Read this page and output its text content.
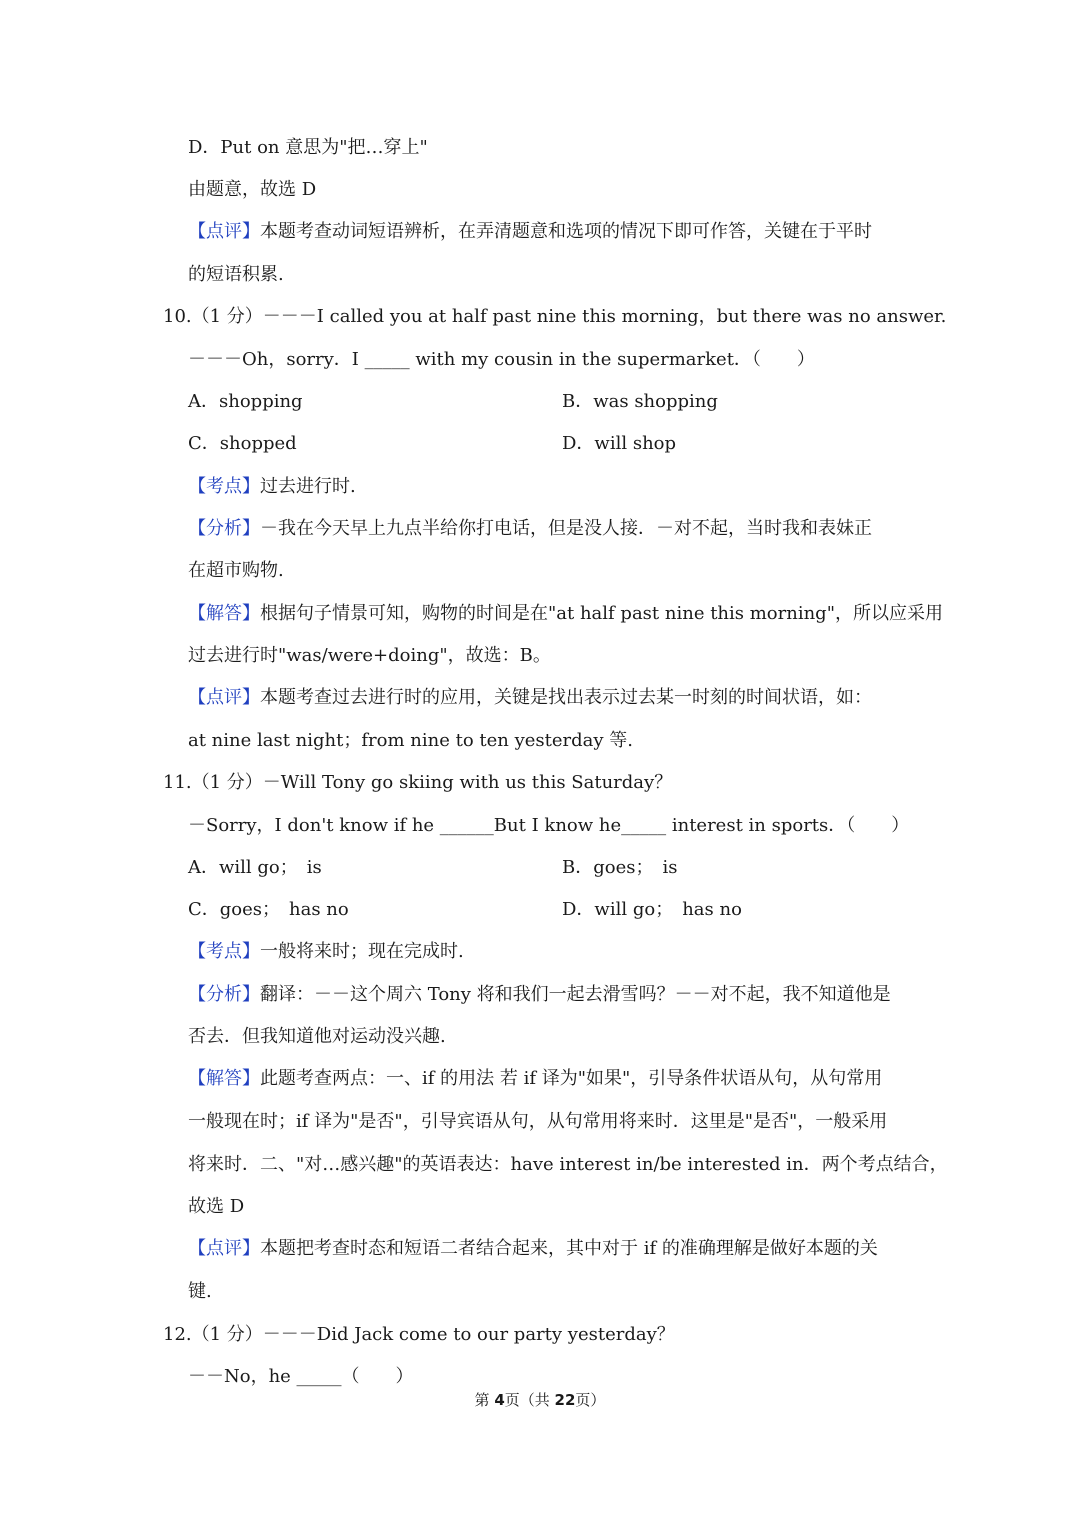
D．Put on 意思为"把…穿上"
由题意，故选 D
【点评】本题考查动词短语辨析，在弄清题意和选项的情况下即可作答，关键在于平时
的短语积累.
10.（1 分）－－－I called you at half past nine this morning，but there was no answer.
－－－Oh，sorry．I _____ with my cousin in the supermarket．（　　）
A．shopping	B．was shopping
C．shopped	D．will shop
【考点】过去进行时.
【分析】－我在今天早上九点半给你打电话，但是没人接．－对不起，当时我和表妹正
在超市购物.
【解答】根据句子情景可知，购物的时间是在"at half past nine this morning"，所以应采用
过去进行时"was/were+doing"，故选：B。
【点评】本题考查过去进行时的应用，关键是找出表示过去某一时刻的时间状语，如：
at nine last night；from nine to ten yesterday 等.
11.（1 分）－Will Tony go skiing with us this Saturday？
－Sorry，I don't know if he ______But I know he_____ interest in sports．（　　）
A．will go；　is	B．goes；　is
C．goes；　has no	D．will go；　has no
【考点】一般将来时；现在完成时.
【分析】翻译：－－这个周六 Tony 将和我们一起去滑雪吗？－－对不起，我不知道他是
否去．但我知道他对运动没兴趣.
【解答】此题考查两点：一、if 的用法 若 if 译为"如果"，引导条件状语从句，从句常用
一般现在时；if 译为"是否"，引导宾语从句，从句常用将来时．这里是"是否"，一般采用
将来时．二、"对…感兴趣"的英语表达：have interest in/be interested in．两个考点结合，
故选 D
【点评】本题把考查时态和短语二者结合起来，其中对于 if 的准确理解是做好本题的关
键.
12.（1 分）－－－Did Jack come to our party yesterday？
－－No，he _____（　　）
第 4页（共 22页）
